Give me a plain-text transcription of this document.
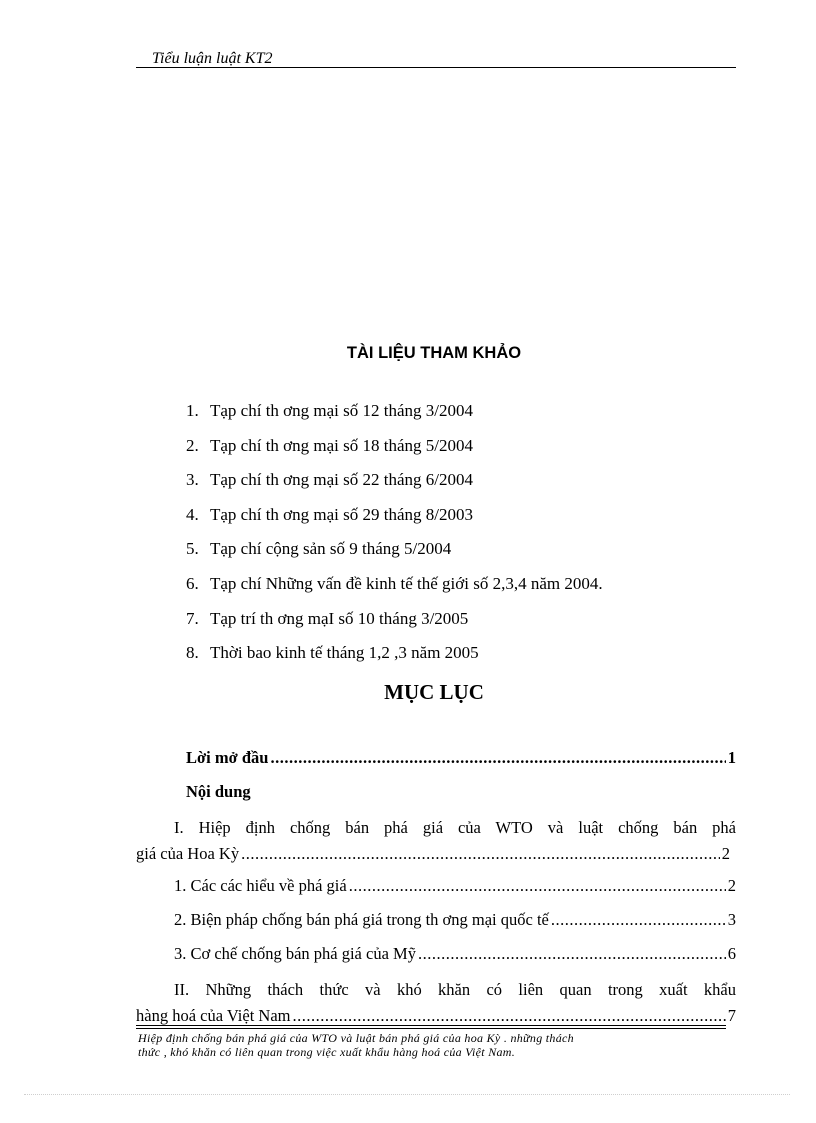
Tiểu luận luật KT2
TÀI LIỆU THAM KHẢO
1. Tạp chí th ơng mại số 12 tháng 3/2004
2. Tạp chí th ơng mại số 18 tháng 5/2004
3. Tạp chí th ơng mại số 22 tháng 6/2004
4. Tạp chí th ơng mại số 29 tháng 8/2003
5. Tạp chí cộng sản số 9 tháng 5/2004
6. Tạp chí Những vấn đề kinh tế thế giới số 2,3,4 năm 2004.
7. Tạp trí th ơng mạI số 10 tháng 3/2005
8. Thời bao kinh tế tháng 1,2 ,3 năm 2005
MỤC LỤC
Lời mở đầu .....	1
Nội dung
I. Hiệp định chống bán phá giá của WTO và luật chống bán phá
giá của Hoa Kỳ .....	2
1. Các các hiểu về phá giá .....	2
2. Biện pháp chống bán phá giá trong th ơng mại quốc tế .....	3
3. Cơ chế chống bán phá giá của Mỹ .....	6
II. Những thách thức và khó khăn có liên quan trong xuất khẩu
hàng hoá của Việt Nam .....	7
Hiệp định chống bán phá giá của WTO và luật bán phá giá của hoa Kỳ . những thách
thức , khó khăn có liên quan trong việc xuất khẩu hàng hoá của Việt Nam.
